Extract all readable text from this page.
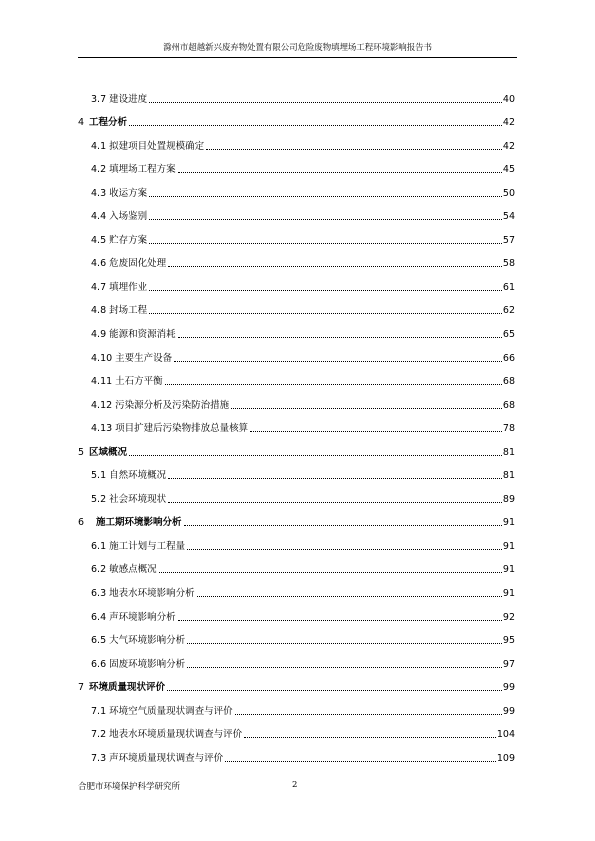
滁州市超越新兴废弃物处置有限公司危险废物填埋场工程环境影响报告书
3.7 建设进度	40
4 工程分析	42
4.1 拟建项目处置规模确定	42
4.2 填埋场工程方案	45
4.3 收运方案	50
4.4 入场鉴别	54
4.5 贮存方案	57
4.6 危废固化处理	58
4.7 填埋作业	61
4.8 封场工程	62
4.9 能源和资源消耗	65
4.10 主要生产设备	66
4.11 土石方平衡	68
4.12 污染源分析及污染防治措施	68
4.13 项目扩建后污染物排放总量核算	78
5 区域概况	81
5.1 自然环境概况	81
5.2 社会环境现状	89
6 施工期环境影响分析	91
6.1 施工计划与工程量	91
6.2 敏感点概况	91
6.3 地表水环境影响分析	91
6.4 声环境影响分析	92
6.5 大气环境影响分析	95
6.6 固废环境影响分析	97
7 环境质量现状评价	99
7.1 环境空气质量现状调查与评价	99
7.2 地表水环境质量现状调查与评价	104
7.3 声环境质量现状调查与评价	109
合肥市环境保护科学研究所	2
